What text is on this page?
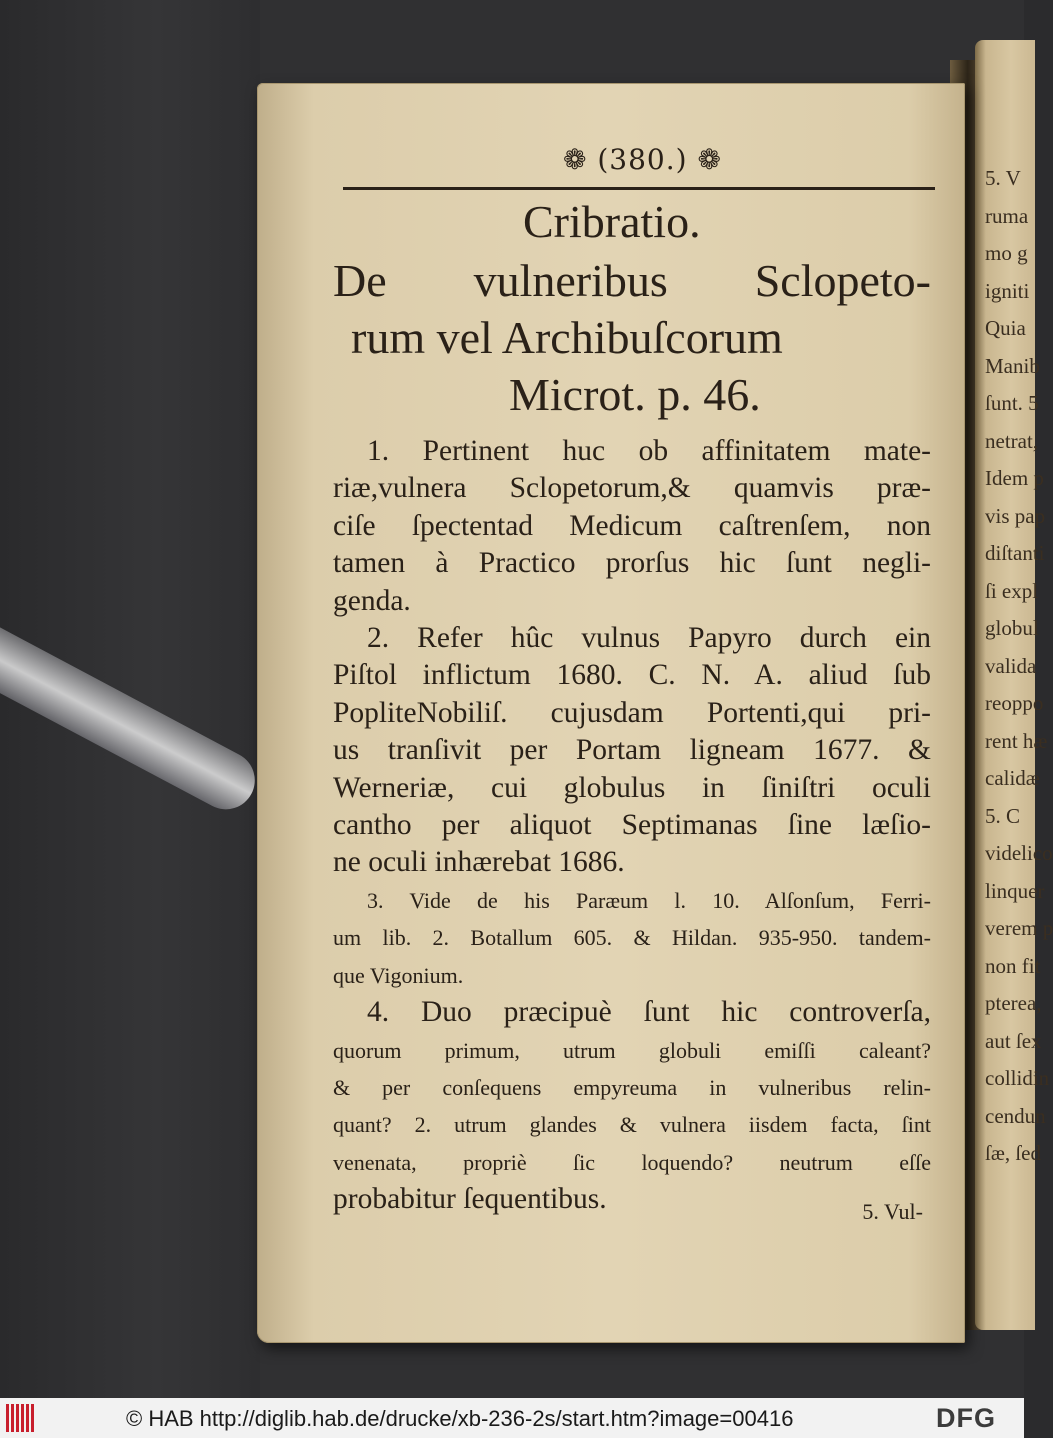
5. V
ruma
mo g
igniti
Quia
Manib
ſunt. 5
netrat,
Idem p
vis pap
diſtanti
ſi expl
globul
valida
reoppo
rent hæ
calidæ
5. C
videlico
linquer
verem p
non fit
pterea,
aut ſex
collidin
cendun
ſæ, ſed
❁ (380.) ❁
Cribratio.
De vulneribus Sclopeto-
rum vel Archibuſcorum
Microt. p. 46.
1. Pertinent huc ob affinitatem mate-
riæ,vulnera Sclopetorum,& quamvis præ-
ciſe ſpectentad Medicum caſtrenſem, non
tamen à Practico prorſus hic ſunt negli-
genda.
2. Refer hûc vulnus Papyro durch ein
Piſtol inflictum 1680. C. N. A. aliud ſub
PopliteNobiliſ. cujusdam Portenti,qui pri-
us tranſivit per Portam ligneam 1677. &
Werneriæ, cui globulus in ſiniſtri oculi
cantho per aliquot Septimanas ſine læſio-
ne oculi inhærebat 1686.
3. Vide de his Paræum l. 10. Alſonſum, Ferri-
um lib. 2. Botallum 605. & Hildan. 935-950. tandem-
que Vigonium.
4. Duo præcipuè ſunt hic controverſa,
quorum primum, utrum globuli emiſſi caleant?
& per conſequens empyreuma in vulneribus relin-
quant? 2. utrum glandes & vulnera iisdem facta, ſint
venenata, propriè ſic loquendo? neutrum eſſe
probabitur ſequentibus.	5. Vul-
© HAB http://diglib.hab.de/drucke/xb-236-2s/start.htm?image=00416	DFG
